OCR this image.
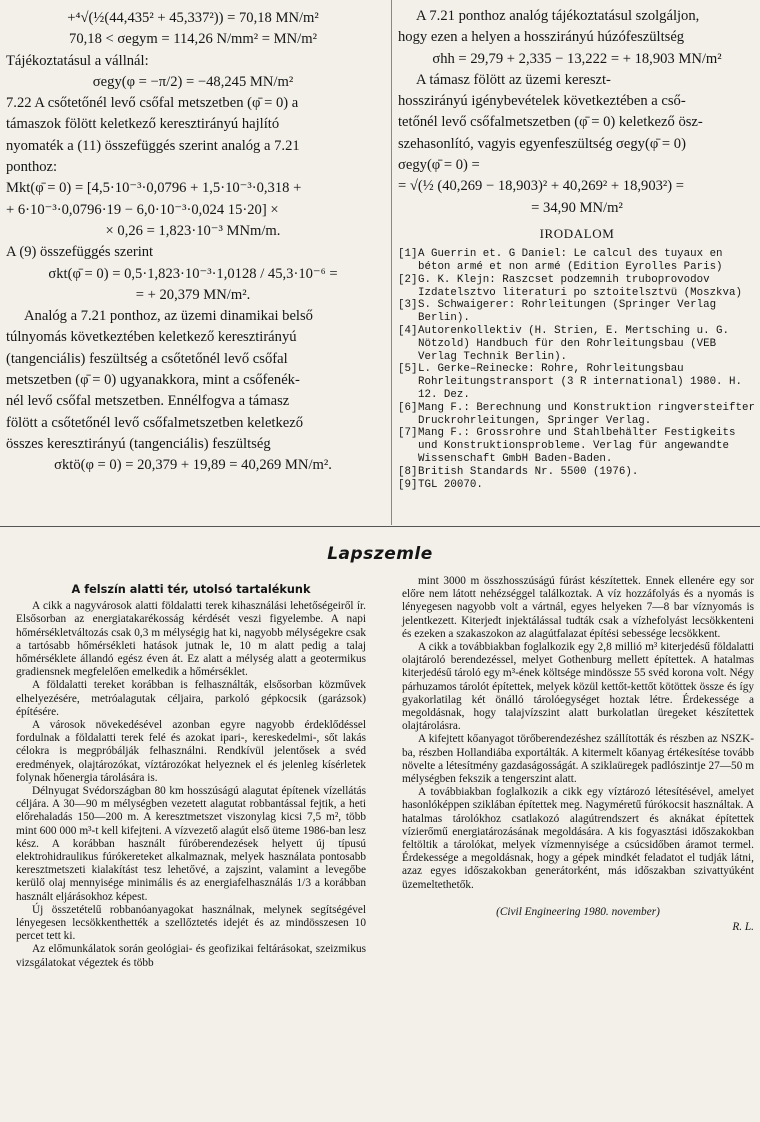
+⁴√(½(44,435² + 45,337²)) = 70,18 MN/m²
70,18 < σegym = 114,26 N/mm² = MN/m²
Tájékoztatásul a vállnál:
σegy(φ = −π/2) = −48,245 MN/m²
7.22 A csőtetőnél levő csőfal metszetben (φ̄ = 0) a
támaszok fölött keletkező keresztirányú hajlító
nyomaték a (11) összefüggés szerint analóg a 7.21
ponthoz:
Mkt(φ̄ = 0) = [4,5·10⁻³·0,0796 + 1,5·10⁻³·0,318 +
+ 6·10⁻³·0,0796·19 − 6,0·10⁻³·0,024 15·20] ×
× 0,26 = 1,823·10⁻³ MNm/m.
A (9) összefüggés szerint
σkt(φ̄ = 0) = 0,5·1,823·10⁻³·1,0128 / 45,3·10⁻⁶ =
= + 20,379 MN/m².
Analóg a 7.21 ponthoz, az üzemi dinamikai belső
túlnyomás következtében keletkező keresztirányú
(tangenciális) feszültség a csőtetőnél levő csőfal
metszetben (φ̄ = 0) ugyanakkora, mint a csőfenék-
nél levő csőfal metszetben. Ennélfogva a támasz
fölött a csőtetőnél levő csőfalmetszetben keletkező
összes keresztirányú (tangenciális) feszültség
σktö(φ = 0) = 20,379 + 19,89 = 40,269 MN/m².
A 7.21 ponthoz analóg tájékoztatásul szolgáljon,
hogy ezen a helyen a hosszirányú húzófeszültség
σhh = 29,79 + 2,335 − 13,222 = + 18,903 MN/m²
A támasz fölött az üzemi kereszt-
hosszirányú igénybevételek következtében a cső-
tetőnél levő csőfalmetszetben (φ̄ = 0) keletkező ösz-
szehasonlító, vagyis egyenfeszültség σegy(φ̄ = 0)
σegy(φ̄ = 0) =
= √(½ (40,269 − 18,903)² + 40,269² + 18,903²) =
= 34,90 MN/m²
IRODALOM
[1] A Guerrin et. G Daniel: Le calcul des tuyaux en béton armé et non armé (Edition Eyrolles Paris)
[2] G. K. Klejn: Raszcset podzemnih truboprovodov Izdatelsztvo literaturi po sztoitelsztvü (Moszkva)
[3] S. Schwaigerer: Rohrleitungen (Springer Verlag Berlin).
[4] Autorenkollektiv (H. Strien, E. Mertsching u. G. Nötzold) Handbuch für den Rohrleitungsbau (VEB Verlag Technik Berlin).
[5] L. Gerke–Reinecke: Rohre, Rohrleitungsbau Rohrleitungstransport (3 R international) 1980. H. 12. Dez.
[6] Mang F.: Berechnung und Konstruktion ringversteifter Druckrohrleitungen, Springer Verlag.
[7] Mang F.: Grossrohre und Stahlbehälter Festigkeits und Konstruktionsprobleme. Verlag für angewandte Wissenschaft GmbH Baden-Baden.
[8] British Standards Nr. 5500 (1976).
[9] TGL 20070.
Lapszemle
A felszín alatti tér, utolsó tartalékunk

A cikk a nagyvárosok alatti földalatti terek kihasználási lehetőségeiről ír. Elsősorban az energiatakarékosság kérdését veszi figyelembe. A napi hőmérsékletváltozás csak 0,3 m mélységig hat ki, nagyobb mélységekre csak a tartósabb hőmérsékleti hatások jutnak le, 10 m alatt pedig a talaj hőmérséklete állandó egész éven át. Ez alatt a mélység alatt a geotermikus gradiensnek megfelelően emelkedik a hőmérséklet.

A földalatti tereket korábban is felhasználták, elsősorban közművek elhelyezésére, metróalagutak céljaira, parkoló gépkocsik (garázsok) építésére.

A városok növekedésével azonban egyre nagyobb érdeklődéssel fordulnak a földalatti terek felé és azokat ipari-, kereskedelmi-, sőt lakás célokra is megpróbálják felhasználni. Rendkívül jelentősek a svéd eredmények, olajtározókat, víztározókat helyeznek el és jelenleg kísérletek folynak hőenergia tárolására is.

Délnyugat Svédországban 80 km hosszúságú alagutat építenek vízellátás céljára. A 30—90 m mélységben vezetett alagutat robbantással fejtik, a heti előrehaladás 150—200 m. A keresztmetszet viszonylag kicsi 7,5 m², több mint 600 000 m³-t kell kifejteni. A vízvezető alagút első üteme 1986-ban lesz kész. A korábban használt fúróberendezések helyett új típusú elektrohidraulikus fúrókereteket alkalmaznak, melyek használata pontosabb keresztmetszeti kialakítást tesz lehetővé, a zajszint, valamint a levegőbe kerülő olaj mennyisége minimális és az energiafelhasználás 1/3 a korábban használt eljárásokhoz képest.

Új összetételű robbanóanyagokat használnak, melynek segítségével lényegesen lecsökkenthették a szellőztetés idejét és az mindösszesen 10 percet tett ki.

Az előmunkálatok során geológiai- és geofizikai feltárásokat, szeizmikus vizsgálatokat végeztek és több

mint 3000 m összhosszúságú fúrást készítettek. Ennek ellenére egy sor előre nem látott nehézséggel találkoztak. A víz hozzáfolyás és a nyomás is lényegesen nagyobb volt a vártnál, egyes helyeken 7—8 bar víznyomás is jelentkezett. Kiterjedt injektálással tudták csak a vízhefolyást lecsökkenteni és ezeken a szakaszokon az alagútfalazat építési sebessége lecsökkent.

A cikk a továbbiakban foglalkozik egy 2,8 millió m³ kiterjedésű földalatti olajtároló berendezéssel, melyet Gothenburg mellett építettek. A hatalmas kiterjedésű tároló egy m³-ének költsége mindössze 55 svéd korona volt. Négy párhuzamos tárolót építettek, melyek közül kettőt-kettőt kötöttek össze és így gyakorlatilag két önálló tárolóegységet hoztak létre. Érdekessége a megoldásnak, hogy talajvízszint alatt burkolatlan üregeket készítettek olajtárolásra.

A kifejtett kőanyagot törőberendezéshez szállították és részben az NSZK-ba, részben Hollandiába exportálták. A kitermelt kőanyag értékesítése tovább növelte a létesítmény gazdaságosságát. A sziklaüregek padlószintje 27—50 m mélységben fekszik a tengerszint alatt.

A továbbiakban foglalkozik a cikk egy víztározó létesítésével, amelyet hasonlóképpen sziklában építettek meg. Nagyméretű fúrókocsit használtak. A hatalmas tárolókhoz csatlakozó alagútrendszert és aknákat építettek vízierőmű energiatározásának megoldására. A kis fogyasztási időszakokban feltöltik a tárolókat, melyek vízmennyisége a csúcsidőben áramot termel. Érdekessége a megoldásnak, hogy a gépek mindkét feladatot el tudják látni, azaz egyes időszakokban generátorként, más időszakban szivattyúként üzemeltethetők.

(Civil Engineering 1980. november)
R. L.
